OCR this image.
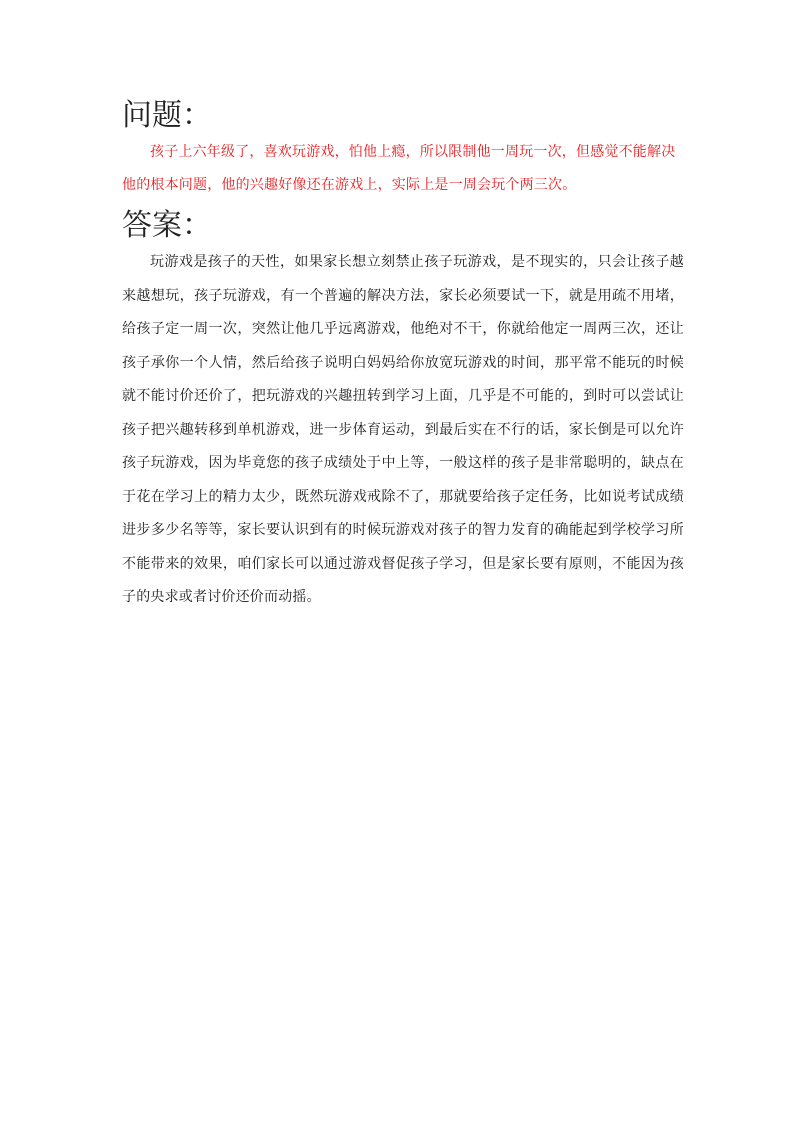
问题：

孩子上六年级了，喜欢玩游戏，怕他上瘾，所以限制他一周玩一次，但感觉不能解决他的根本问题，他的兴趣好像还在游戏上，实际上是一周会玩个两三次。

答案：

玩游戏是孩子的天性，如果家长想立刻禁止孩子玩游戏，是不现实的，只会让孩子越来越想玩，孩子玩游戏，有一个普遍的解决方法，家长必须要试一下，就是用疏不用堵，给孩子定一周一次，突然让他几乎远离游戏，他绝对不干，你就给他定一周两三次，还让孩子承你一个人情，然后给孩子说明白妈妈给你放宽玩游戏的时间，那平常不能玩的时候就不能讨价还价了，把玩游戏的兴趣扭转到学习上面，几乎是不可能的，到时可以尝试让孩子把兴趣转移到单机游戏，进一步体育运动，到最后实在不行的话，家长倒是可以允许孩子玩游戏，因为毕竟您的孩子成绩处于中上等，一般这样的孩子是非常聪明的，缺点在于花在学习上的精力太少，既然玩游戏戒除不了，那就要给孩子定任务，比如说考试成绩进步多少名等等，家长要认识到有的时候玩游戏对孩子的智力发育的确能起到学校学习所不能带来的效果，咱们家长可以通过游戏督促孩子学习，但是家长要有原则，不能因为孩子的央求或者讨价还价而动摇。
